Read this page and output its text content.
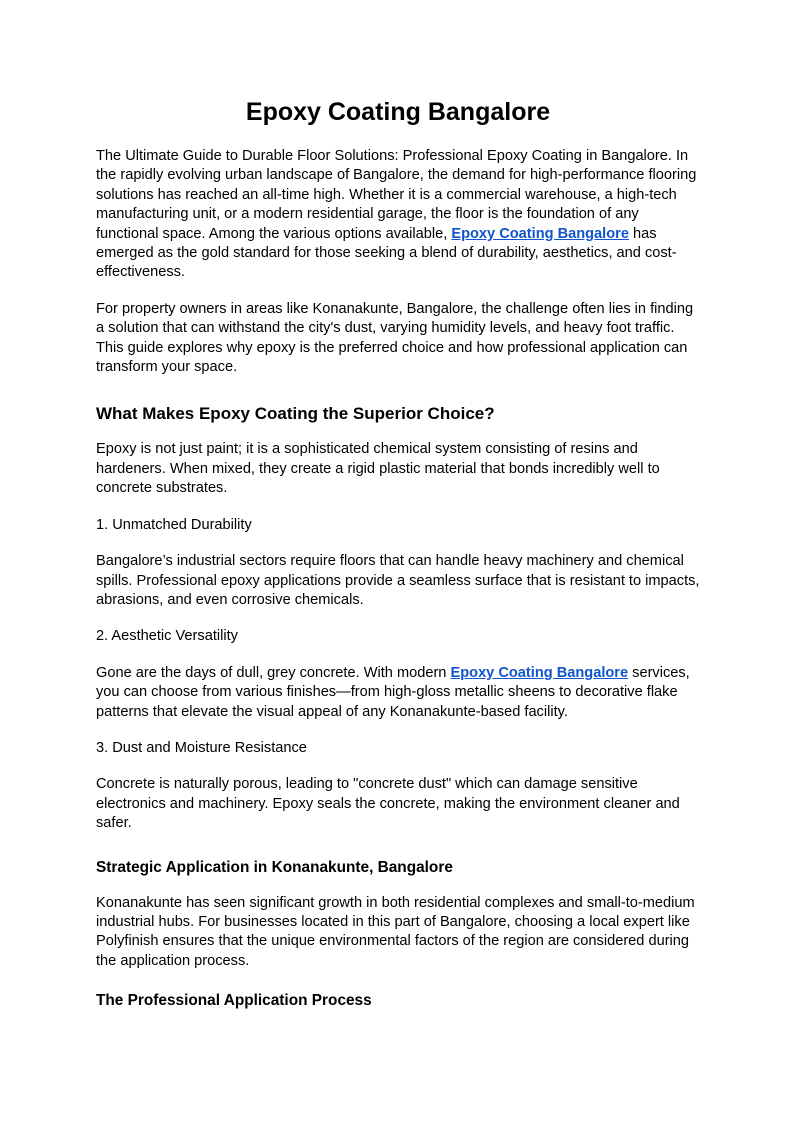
Epoxy Coating Bangalore

The Ultimate Guide to Durable Floor Solutions: Professional Epoxy Coating in Bangalore. In the rapidly evolving urban landscape of Bangalore, the demand for high-performance flooring solutions has reached an all-time high. Whether it is a commercial warehouse, a high-tech manufacturing unit, or a modern residential garage, the floor is the foundation of any functional space. Among the various options available, Epoxy Coating Bangalore has emerged as the gold standard for those seeking a blend of durability, aesthetics, and cost-effectiveness.

For property owners in areas like Konanakunte, Bangalore, the challenge often lies in finding a solution that can withstand the city's dust, varying humidity levels, and heavy foot traffic. This guide explores why epoxy is the preferred choice and how professional application can transform your space.

What Makes Epoxy Coating the Superior Choice?

Epoxy is not just paint; it is a sophisticated chemical system consisting of resins and hardeners. When mixed, they create a rigid plastic material that bonds incredibly well to concrete substrates.

1. Unmatched Durability

Bangalore’s industrial sectors require floors that can handle heavy machinery and chemical spills. Professional epoxy applications provide a seamless surface that is resistant to impacts, abrasions, and even corrosive chemicals.

2. Aesthetic Versatility

Gone are the days of dull, grey concrete. With modern Epoxy Coating Bangalore services, you can choose from various finishes—from high-gloss metallic sheens to decorative flake patterns that elevate the visual appeal of any Konanakunte-based facility.

3. Dust and Moisture Resistance

Concrete is naturally porous, leading to "concrete dust" which can damage sensitive electronics and machinery. Epoxy seals the concrete, making the environment cleaner and safer.

Strategic Application in Konanakunte, Bangalore

Konanakunte has seen significant growth in both residential complexes and small-to-medium industrial hubs. For businesses located in this part of Bangalore, choosing a local expert like Polyfinish ensures that the unique environmental factors of the region are considered during the application process.

The Professional Application Process
